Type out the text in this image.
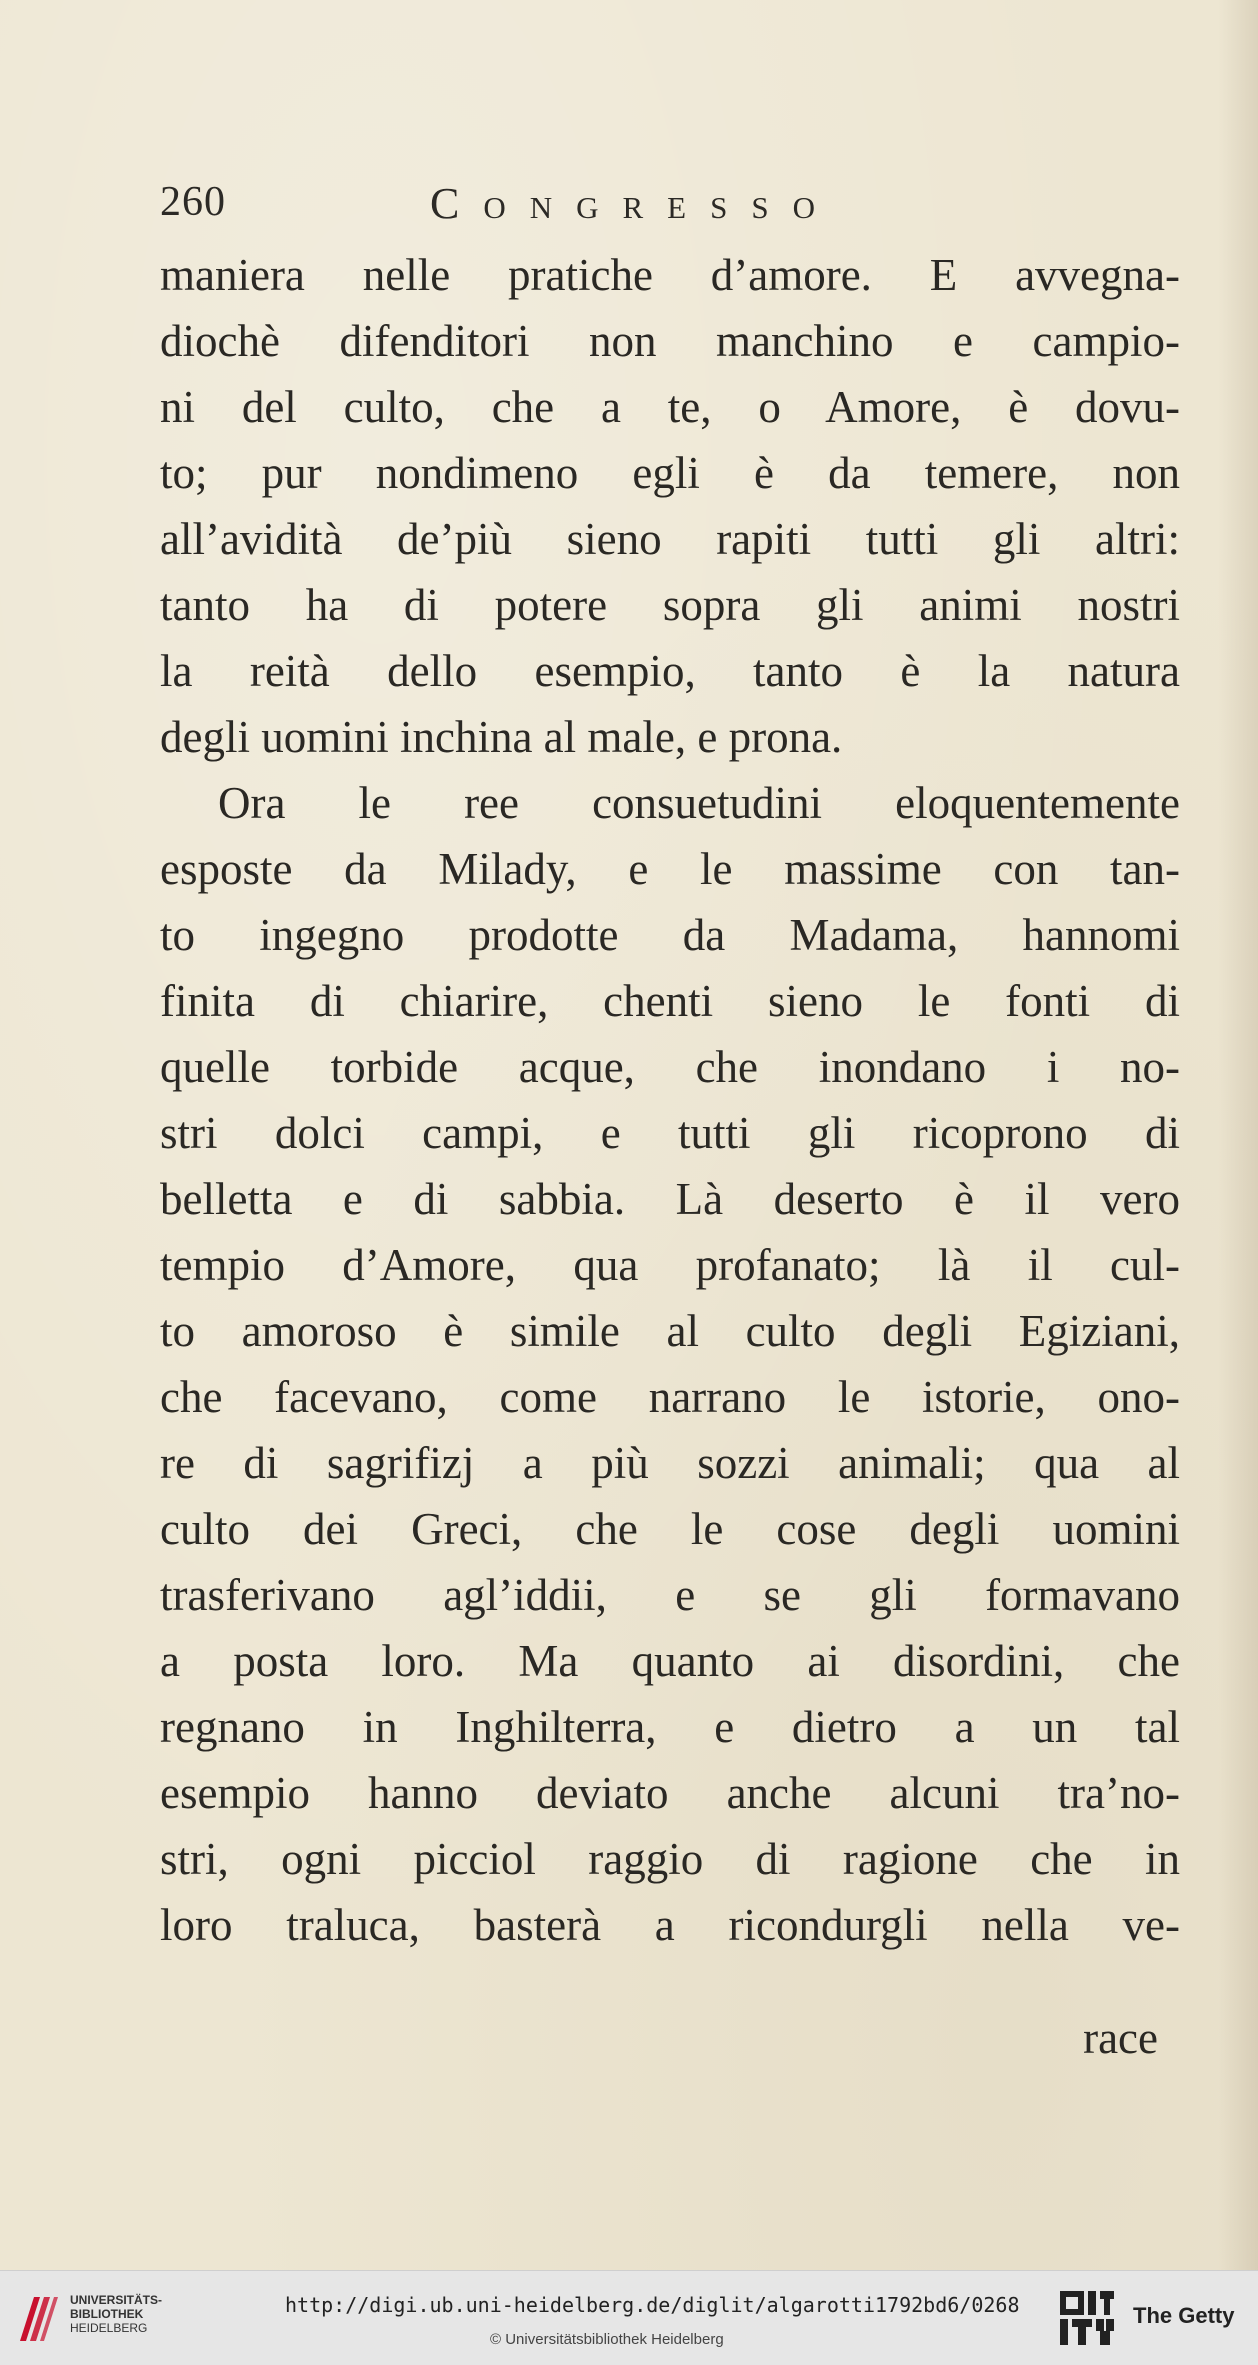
260	Congresso
maniera nelle pratiche d’amore. E avvegna-
diochè difenditori non manchino e campio-
ni del culto, che a te, o Amore, è dovu-
to; pur nondimeno egli è da temere, non
all’avidità de’più sieno rapiti tutti gli altri:
tanto ha di potere sopra gli animi nostri
la reità dello esempio, tanto è la natura
degli uomini inchina al male, e prona.
Ora le ree consuetudini eloquentemente
esposte da Milady, e le massime con tan-
to ingegno prodotte da Madama, hannomi
finita di chiarire, chenti sieno le fonti di
quelle torbide acque, che inondano i no-
stri dolci campi, e tutti gli ricoprono di
belletta e di sabbia. Là deserto è il vero
tempio d’Amore, qua profanato; là il cul-
to amoroso è simile al culto degli Egiziani,
che facevano, come narrano le istorie, ono-
re di sagrifizj a più sozzi animali; qua al
culto dei Greci, che le cose degli uomini
trasferivano agl’iddii, e se gli formavano
a posta loro. Ma quanto ai disordini, che
regnano in Inghilterra, e dietro a un tal
esempio hanno deviato anche alcuni tra’no-
stri, ogni picciol raggio di ragione che in
loro traluca, basterà a ricondurgli nella ve-
race
UNIVERSITÄTS-
BIBLIOTHEK
HEIDELBERG
http://digi.ub.uni-heidelberg.de/diglit/algarotti1792bd6/0268
© Universitätsbibliothek Heidelberg
The Getty
